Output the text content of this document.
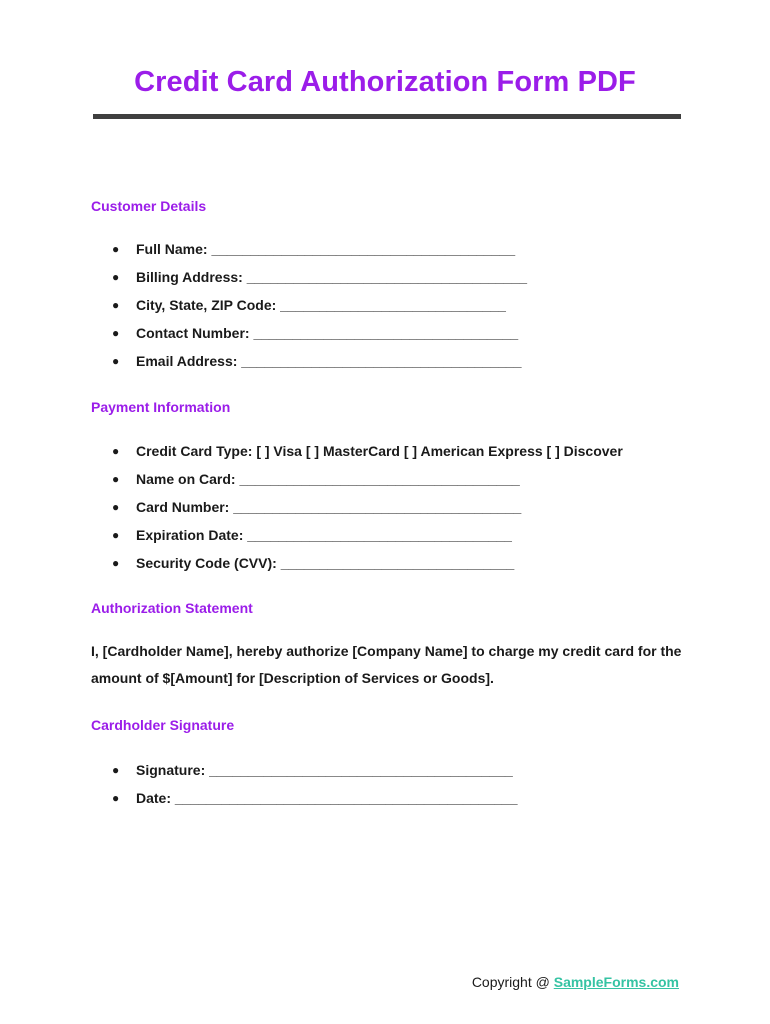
Credit Card Authorization Form PDF
Customer Details
● Full Name: _______________________________________
● Billing Address: ____________________________________
● City, State, ZIP Code: _____________________________
● Contact Number: __________________________________
● Email Address: ____________________________________
Payment Information
● Credit Card Type: [ ] Visa [ ] MasterCard [ ] American Express [ ] Discover
● Name on Card: ____________________________________
● Card Number: _____________________________________
● Expiration Date: __________________________________
● Security Code (CVV): ______________________________
Authorization Statement

I, [Cardholder Name], hereby authorize [Company Name] to charge my credit card for the amount of $[Amount] for [Description of Services or Goods].

Cardholder Signature
● Signature: _______________________________________
● Date: ____________________________________________
Copyright @ SampleForms.com
